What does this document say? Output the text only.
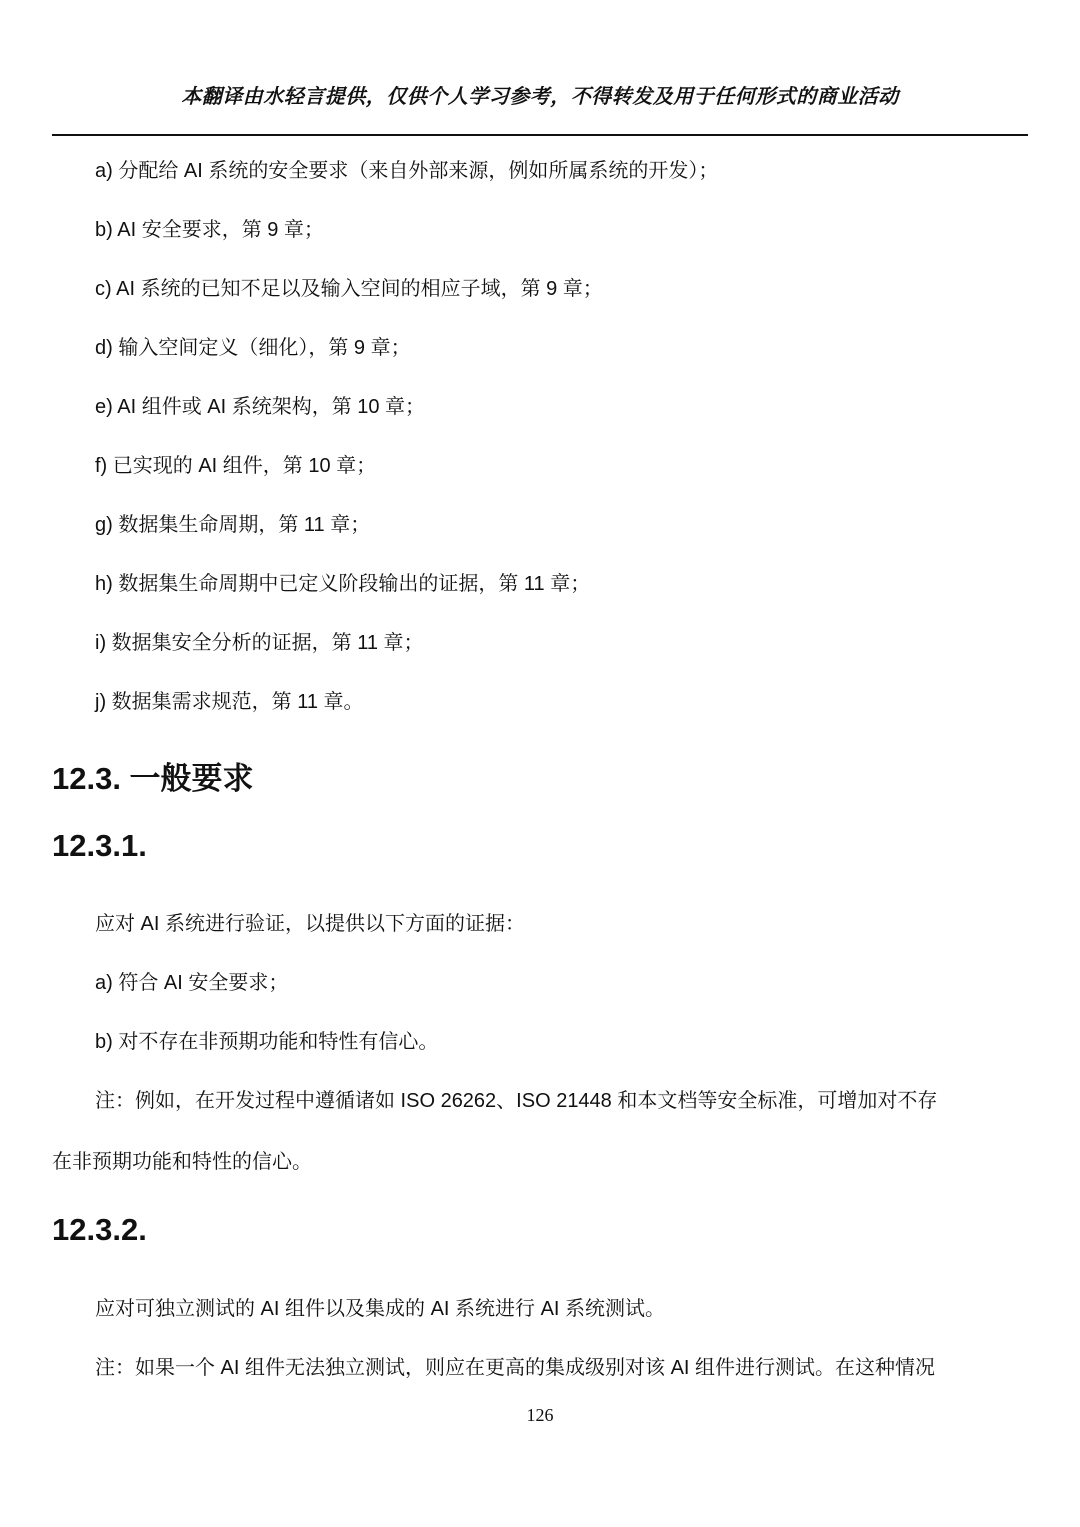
本翻译由水轻言提供，仅供个人学习参考，不得转发及用于任何形式的商业活动
a) 分配给 AI 系统的安全要求（来自外部来源，例如所属系统的开发）；
b) AI 安全要求，第 9 章；
c) AI 系统的已知不足以及输入空间的相应子域，第 9 章；
d) 输入空间定义（细化），第 9 章；
e) AI 组件或 AI 系统架构，第 10 章；
f) 已实现的 AI 组件，第 10 章；
g) 数据集生命周期，第 11 章；
h) 数据集生命周期中已定义阶段输出的证据，第 11 章；
i) 数据集安全分析的证据，第 11 章；
j) 数据集需求规范，第 11 章。
12.3. 一般要求
12.3.1.
应对 AI 系统进行验证，以提供以下方面的证据：
a) 符合 AI 安全要求；
b) 对不存在非预期功能和特性有信心。
注：例如，在开发过程中遵循诸如 ISO 26262、ISO 21448 和本文档等安全标准，可增加对不存
在非预期功能和特性的信心。
12.3.2.
应对可独立测试的 AI 组件以及集成的 AI 系统进行 AI 系统测试。
注：如果一个 AI 组件无法独立测试，则应在更高的集成级别对该 AI 组件进行测试。在这种情况
126
